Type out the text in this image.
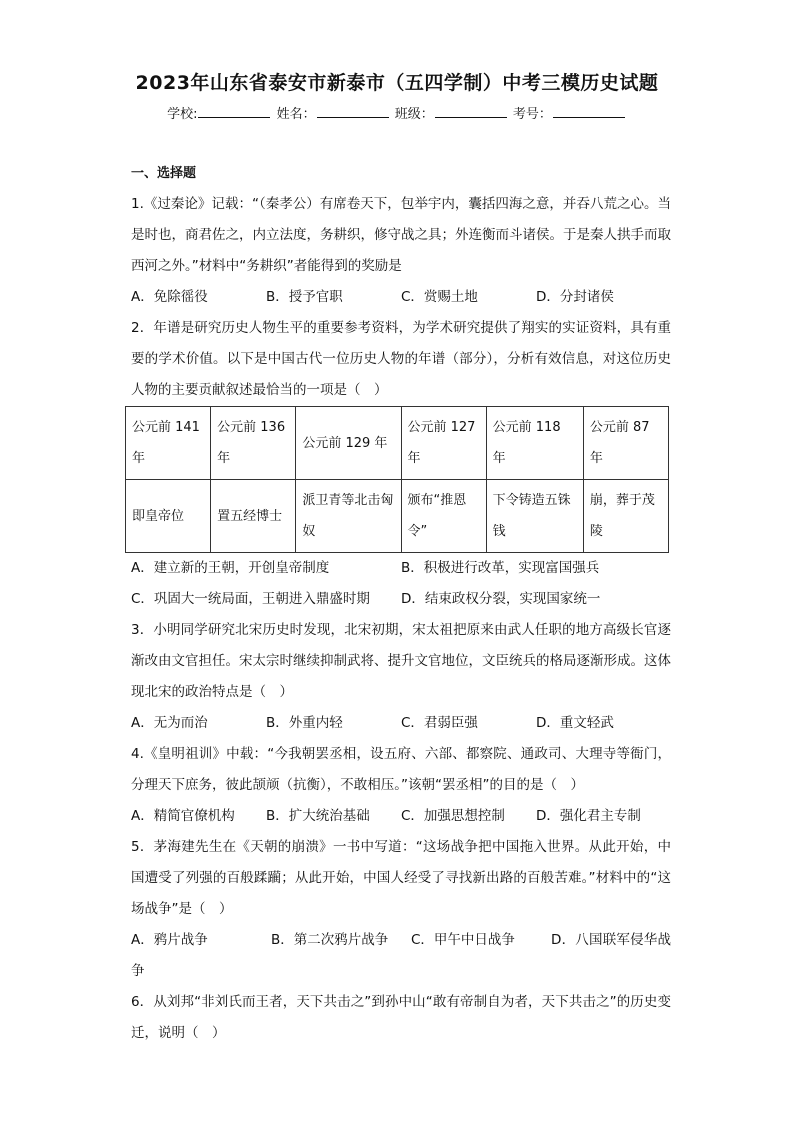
2023年山东省泰安市新泰市（五四学制）中考三模历史试题
学校:	姓名：	班级：	考号：
一、选择题
1.《过秦论》记载：“（秦孝公）有席卷天下，包举宇内，囊括四海之意，并吞八荒之心。当是时也，商君佐之，内立法度，务耕织，修守战之具；外连衡而斗诸侯。于是秦人拱手而取西河之外。”材料中“务耕织”者能得到的奖励是
A．免除徭役	B．授予官职	C．赏赐土地	D．分封诸侯
2．年谱是研究历史人物生平的重要参考资料，为学术研究提供了翔实的实证资料，具有重要的学术价值。以下是中国古代一位历史人物的年谱（部分），分析有效信息，对这位历史人物的主要贡献叙述最恰当的一项是（　）
公元前 141 年	公元前 136 年	公元前 129 年	公元前 127 年	公元前 118 年	公元前 87 年
即皇帝位	置五经博士	派卫青等北击匈奴	颁布“推恩令”	下令铸造五铢钱	崩，葬于茂陵
A．建立新的王朝，开创皇帝制度	B．积极进行改革，实现富国强兵
C．巩固大一统局面，王朝进入鼎盛时期	D．结束政权分裂，实现国家统一
3．小明同学研究北宋历史时发现，北宋初期，宋太祖把原来由武人任职的地方高级长官逐渐改由文官担任。宋太宗时继续抑制武将、提升文官地位，文臣统兵的格局逐渐形成。这体现北宋的政治特点是（　）
A．无为而治	B．外重内轻	C．君弱臣强	D．重文轻武
4.《皇明祖训》中载：“今我朝罢丞相，设五府、六部、都察院、通政司、大理寺等衙门，分理天下庶务，彼此颉颃（抗衡），不敢相压。”该朝“罢丞相”的目的是（　）
A．精简官僚机构	B．扩大统治基础	C．加强思想控制	D．强化君主专制
5．茅海建先生在《天朝的崩溃》一书中写道：“这场战争把中国拖入世界。从此开始，中国遭受了列强的百般蹂躏；从此开始，中国人经受了寻找新出路的百般苦难。”材料中的“这场战争”是（　）
A．鸦片战争	B．第二次鸦片战争 C．甲午中日战争	D．八国联军侵华战争
6．从刘邦“非刘氏而王者，天下共击之”到孙中山“敢有帝制自为者，天下共击之”的历史变迁，说明（　）
